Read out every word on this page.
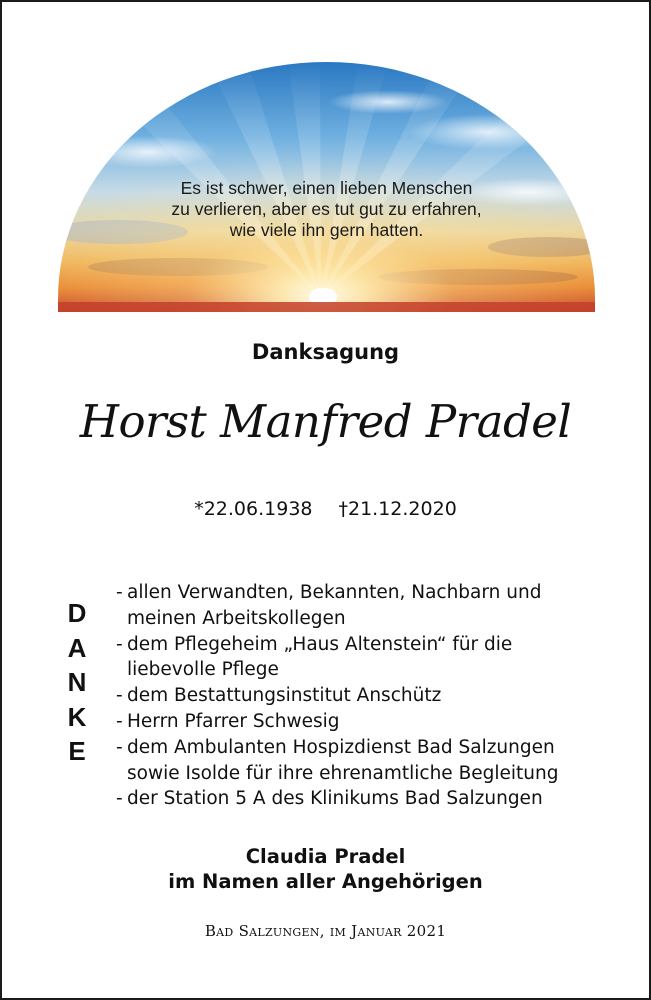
Es ist schwer, einen lieben Menschen
zu verlieren, aber es tut gut zu erfahren,
wie viele ihn gern hatten.
Danksagung
Horst Manfred Pradel
*22.06.1938 †21.12.2020
D
A
N
K
E
- allen Verwandten, Bekannten, Nachbarn und
meinen Arbeitskollegen
- dem Pflegeheim „Haus Altenstein“ für die
liebevolle Pflege
- dem Bestattungsinstitut Anschütz
- Herrn Pfarrer Schwesig
- dem Ambulanten Hospizdienst Bad Salzungen
sowie Isolde für ihre ehrenamtliche Begleitung
- der Station 5 A des Klinikums Bad Salzungen
Claudia Pradel
im Namen aller Angehörigen
Bad Salzungen, im Januar 2021
